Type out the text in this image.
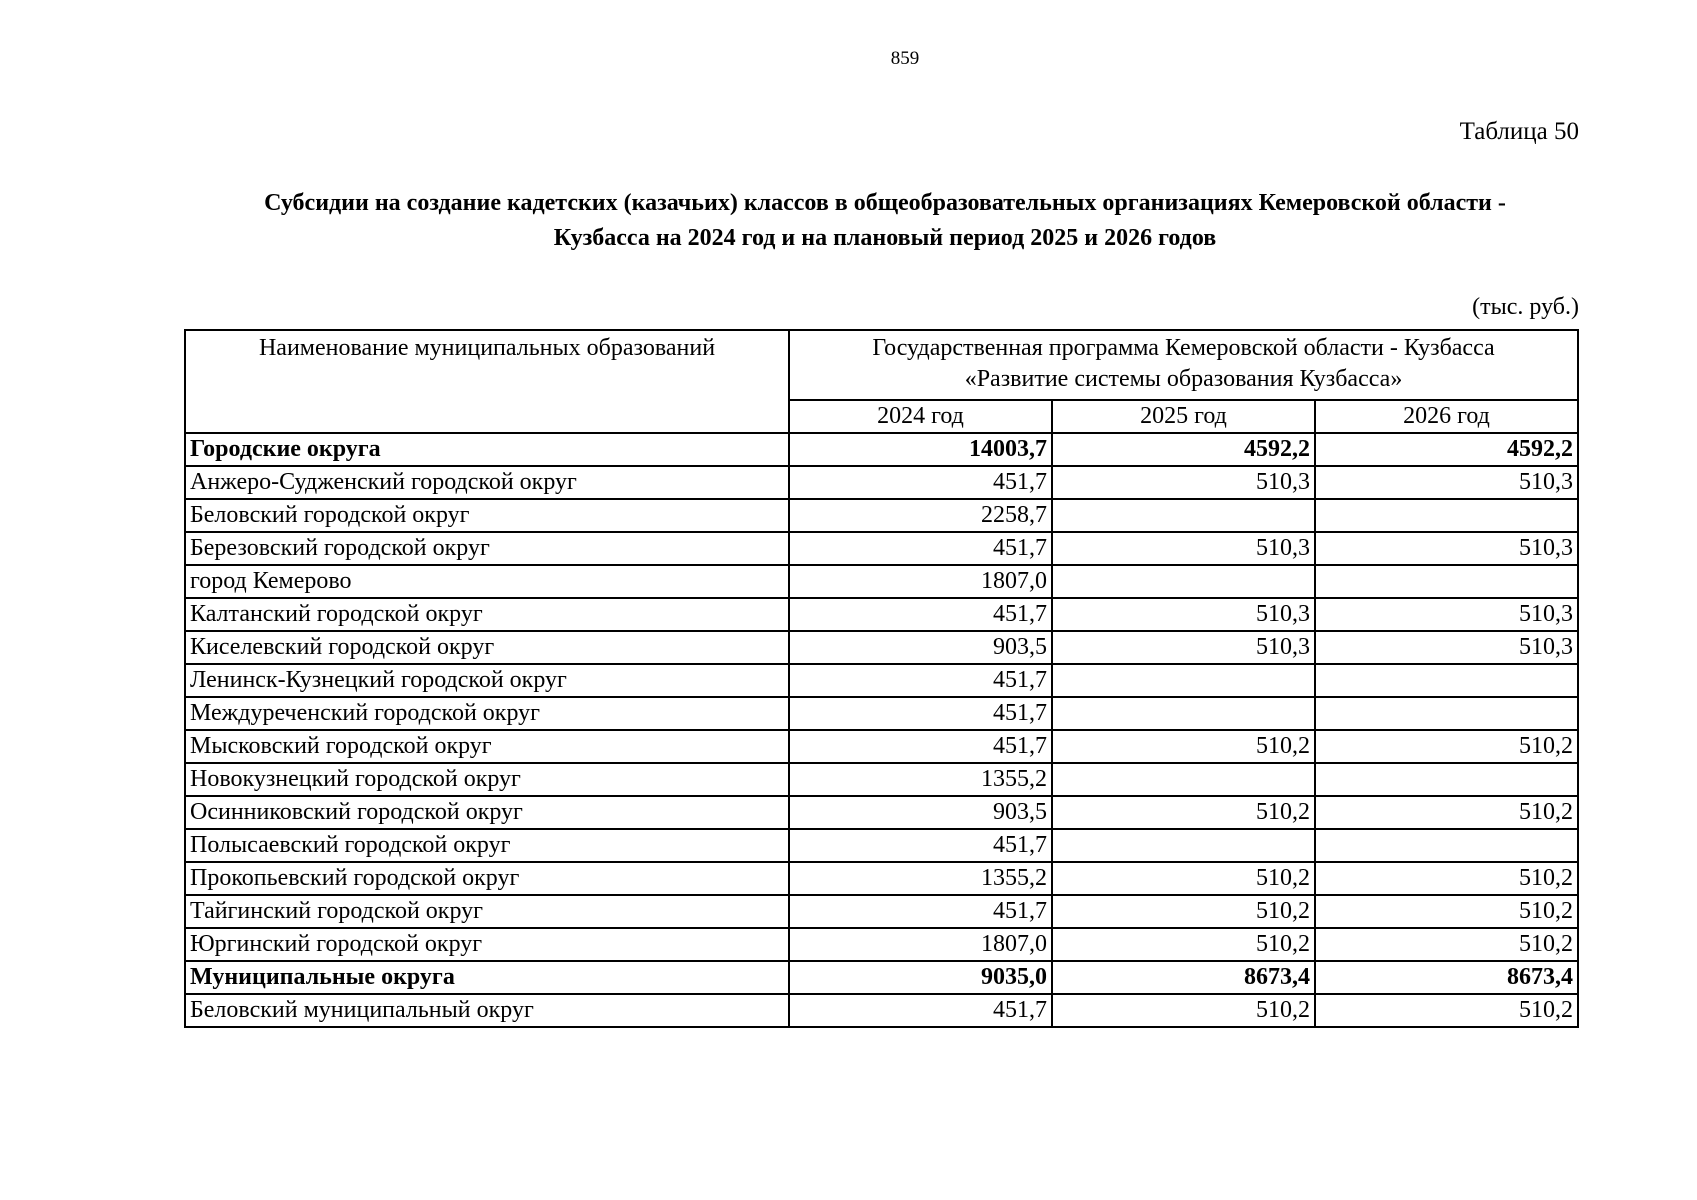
859
Таблица 50
Субсидии на создание кадетских (казачьих) классов в общеобразовательных организациях Кемеровской области -
Кузбасса на 2024 год и на плановый период 2025 и 2026 годов
(тыс. руб.)
Наименование муниципальных образований	Государственная программа Кемеровской области - Кузбасса
«Развитие системы образования Кузбасса»		

	2024 год	2025 год	2026 год
Городские округа	14003,7	4592,2	4592,2
Анжеро-Судженский городской округ	451,7	510,3	510,3
Беловский городской округ	2258,7		
Березовский городской округ	451,7	510,3	510,3
город Кемерово	1807,0		
Калтанский городской округ	451,7	510,3	510,3
Киселевский городской округ	903,5	510,3	510,3
Ленинск-Кузнецкий городской округ	451,7		
Междуреченский городской округ	451,7		
Мысковский городской округ	451,7	510,2	510,2
Новокузнецкий городской округ	1355,2		
Осинниковский городской округ	903,5	510,2	510,2
Полысаевский городской округ	451,7		
Прокопьевский городской округ	1355,2	510,2	510,2
Тайгинский городской округ	451,7	510,2	510,2
Юргинский городской округ	1807,0	510,2	510,2
Муниципальные округа	9035,0	8673,4	8673,4
Беловский муниципальный округ	451,7	510,2	510,2
